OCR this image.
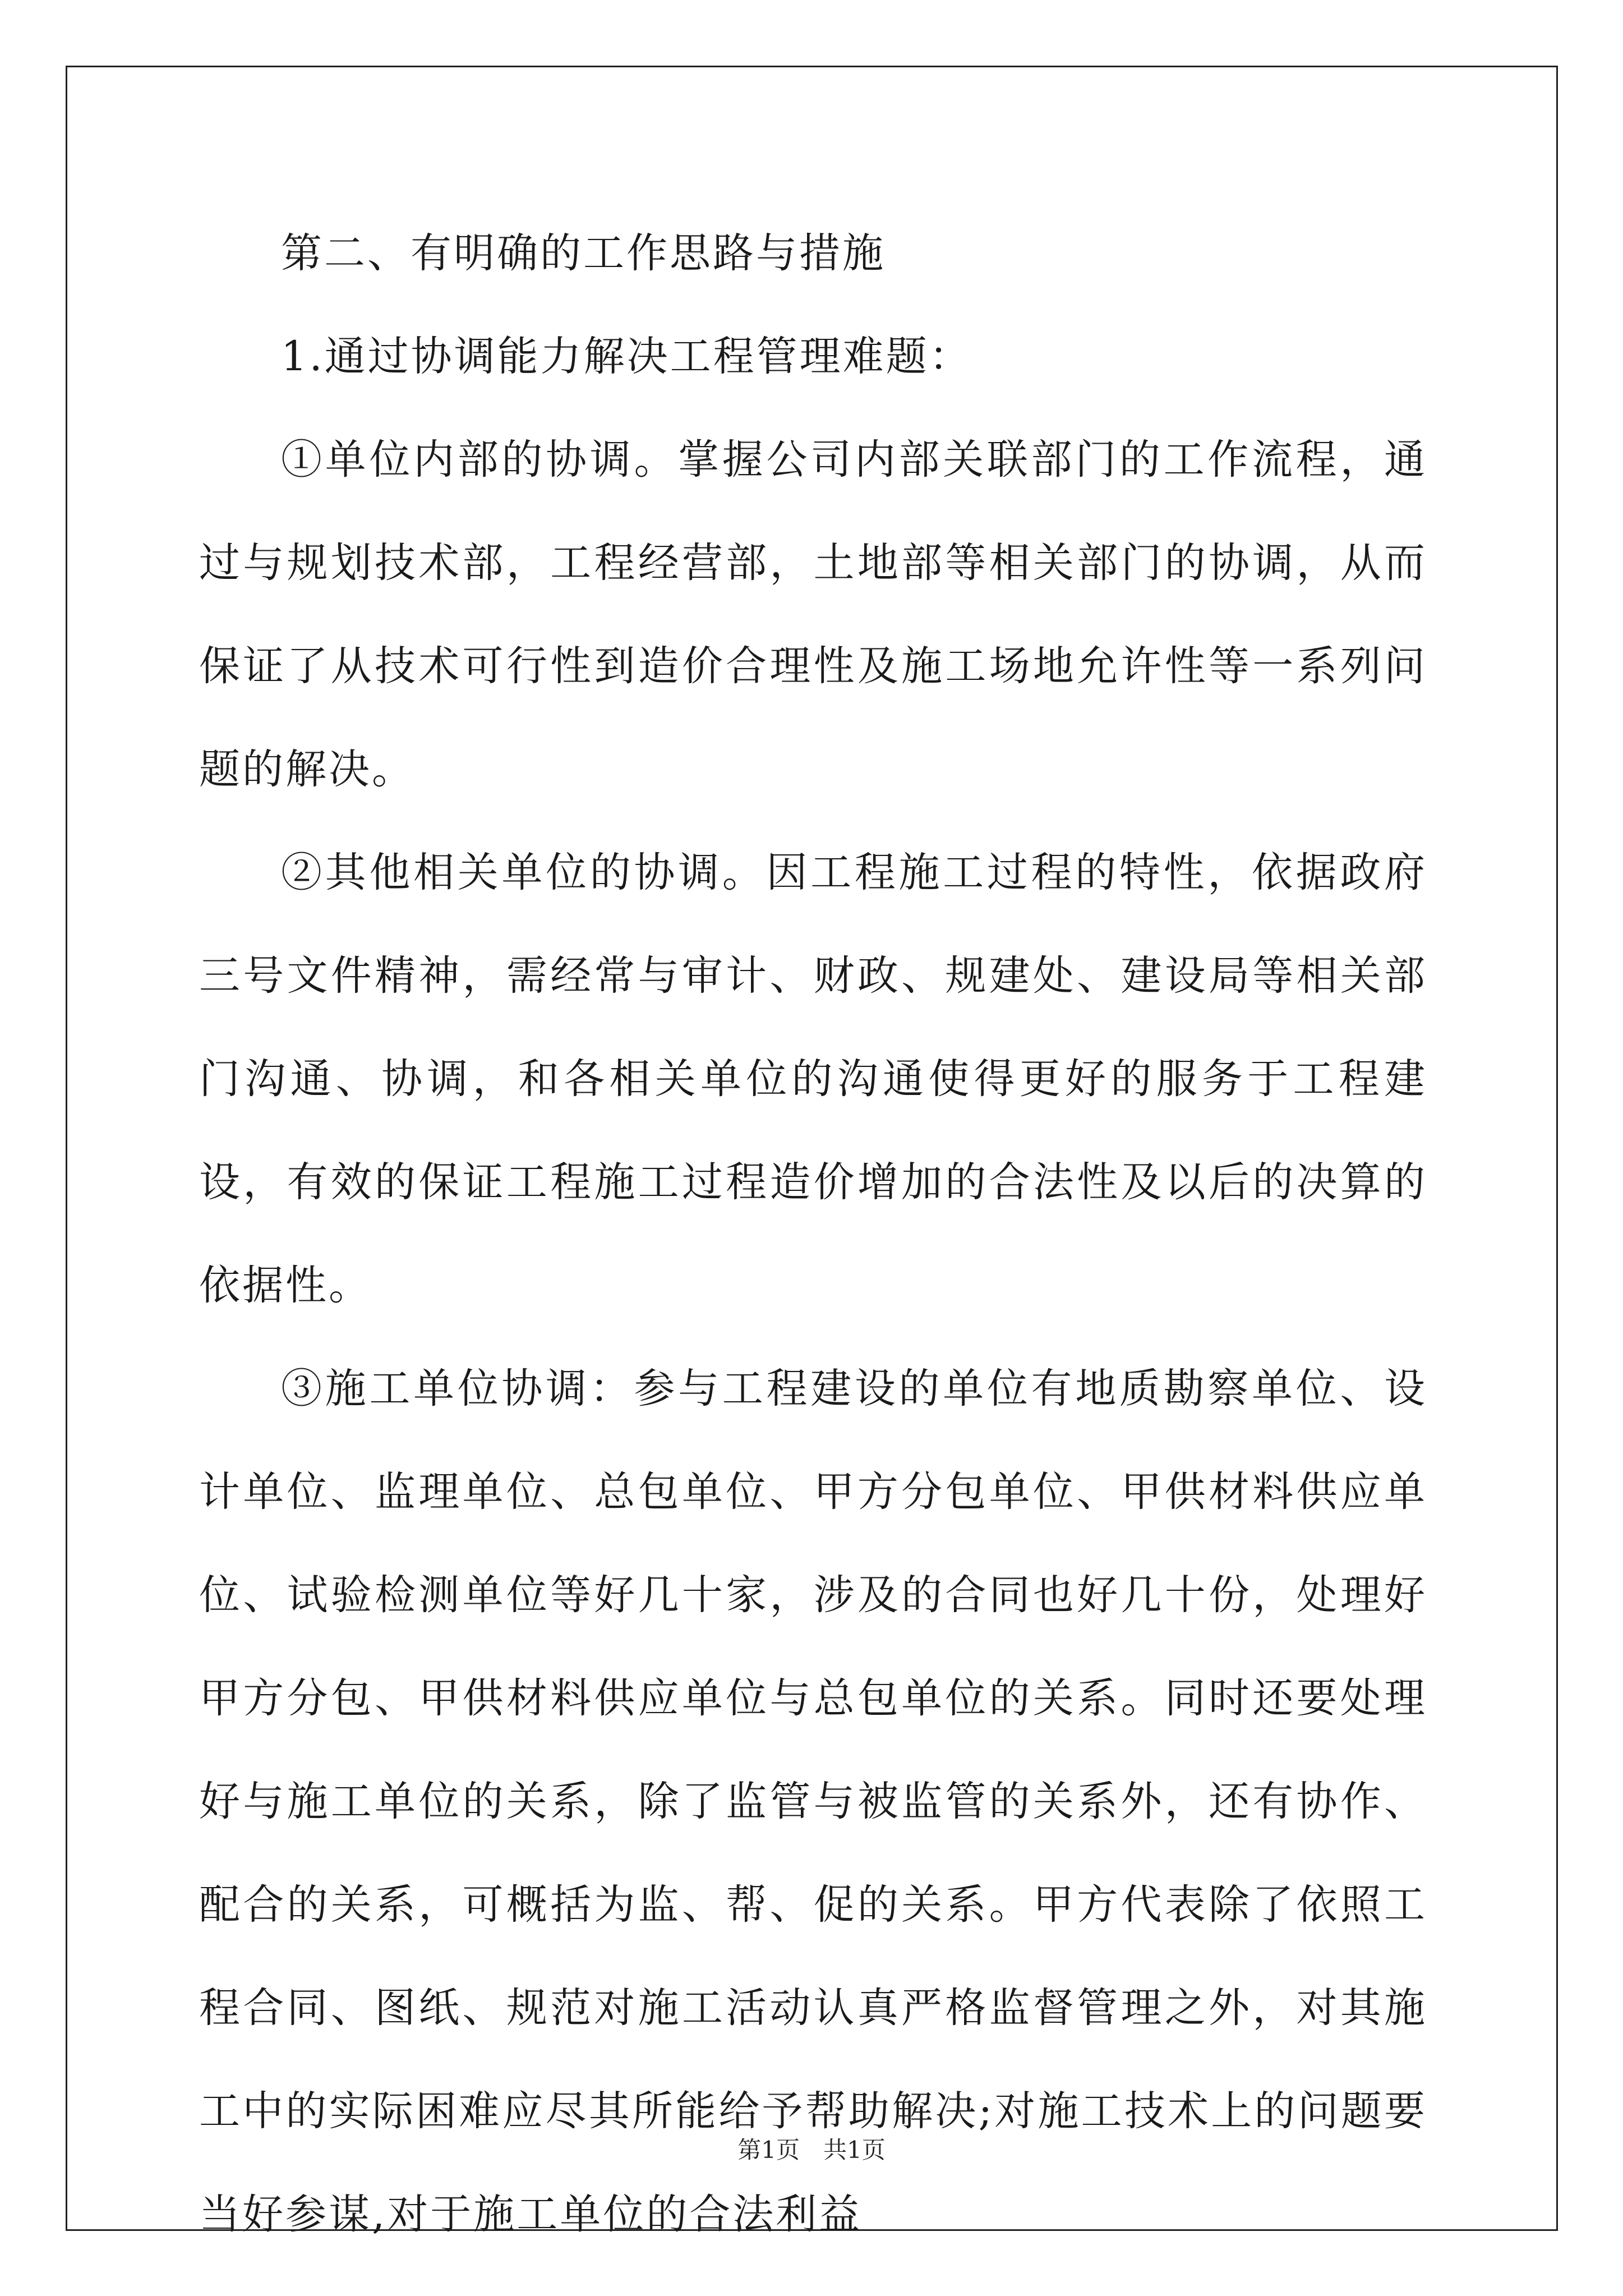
第二、有明确的工作思路与措施

1.通过协调能力解决工程管理难题：

①单位内部的协调。掌握公司内部关联部门的工作流程，通过与规划技术部，工程经营部，土地部等相关部门的协调，从而保证了从技术可行性到造价合理性及施工场地允许性等一系列问题的解决。

②其他相关单位的协调。因工程施工过程的特性，依据政府三号文件精神，需经常与审计、财政、规建处、建设局等相关部门沟通、协调，和各相关单位的沟通使得更好的服务于工程建设，有效的保证工程施工过程造价增加的合法性及以后的决算的依据性。

③施工单位协调：参与工程建设的单位有地质勘察单位、设计单位、监理单位、总包单位、甲方分包单位、甲供材料供应单位、试验检测单位等好几十家，涉及的合同也好几十份，处理好甲方分包、甲供材料供应单位与总包单位的关系。同时还要处理好与施工单位的关系，除了监管与被监管的关系外，还有协作、配合的关系，可概括为监、帮、促的关系。甲方代表除了依照工程合同、图纸、规范对施工活动认真严格监督管理之外，对其施工中的实际困难应尽其所能给予帮助解决;对施工技术上的问题要当好参谋,对于施工单位的合法利益

第1页　共1页
